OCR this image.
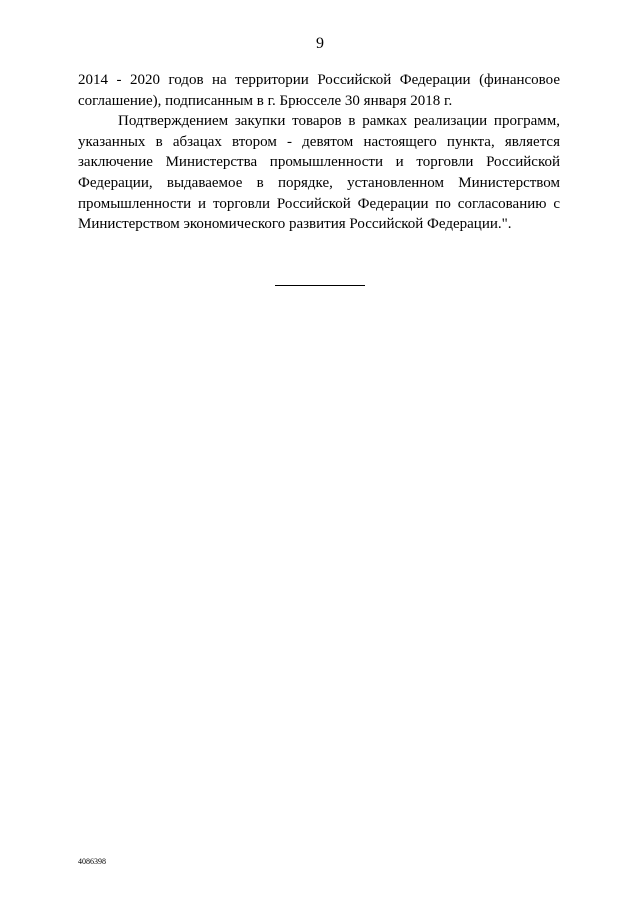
9

2014 - 2020 годов на территории Российской Федерации (финансовое соглашение), подписанным в г. Брюсселе 30 января 2018 г.

Подтверждением закупки товаров в рамках реализации программ, указанных в абзацах втором - девятом настоящего пункта, является заключение Министерства промышленности и торговли Российской Федерации, выдаваемое в порядке, установленном Министерством промышленности и торговли Российской Федерации по согласованию с Министерством экономического развития Российской Федерации.".

4086398
